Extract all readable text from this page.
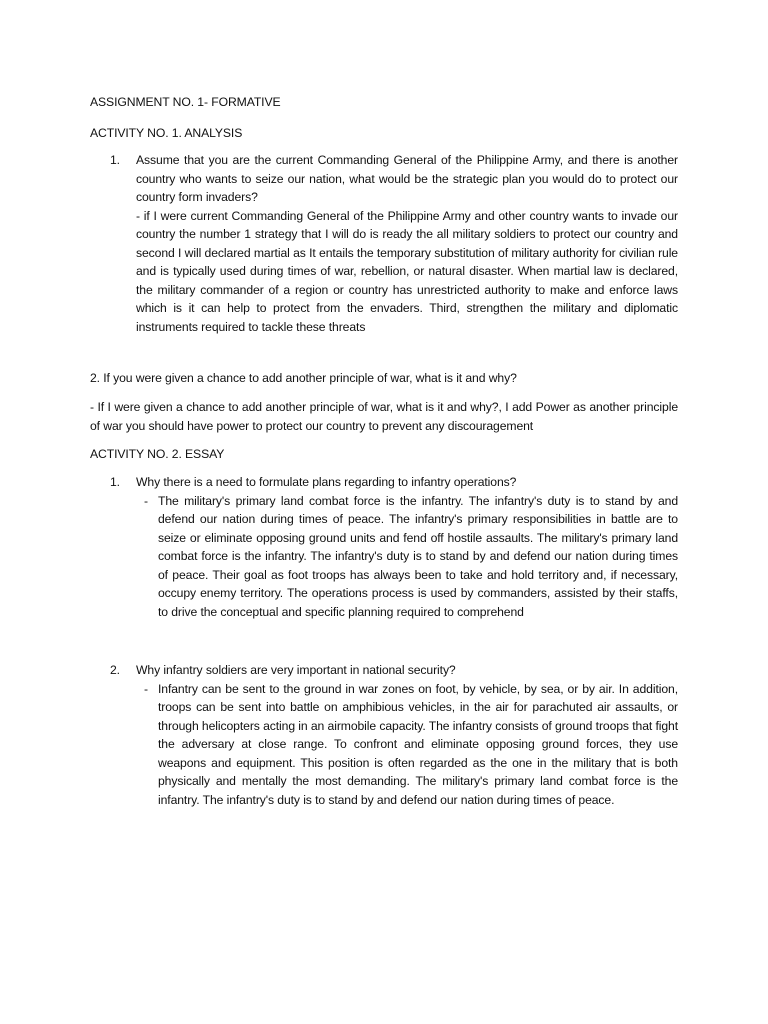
ASSIGNMENT NO. 1- FORMATIVE
ACTIVITY NO. 1. ANALYSIS
1. Assume that you are the current Commanding General of the Philippine Army, and there is another country who wants to seize our nation, what would be the strategic plan you would do to protect our country form invaders?

- if I were current Commanding General of the Philippine Army and other country wants to invade our country the number 1 strategy that I will do is ready the all military soldiers to protect our country and second I will declared martial as It entails the temporary substitution of military authority for civilian rule and is typically used during times of war, rebellion, or natural disaster. When martial law is declared, the military commander of a region or country has unrestricted authority to make and enforce laws which is it can help to protect from the envaders. Third, strengthen the military and diplomatic instruments required to tackle these threats

2. If you were given a chance to add another principle of war, what is it and why?
- If I were given a chance to add another principle of war, what is it and why?, I add Power as another principle of war you should have power to protect our country to prevent any discouragement
ACTIVITY NO. 2. ESSAY
1. Why there is a need to formulate plans regarding to infantry operations?

- The military's primary land combat force is the infantry. The infantry's duty is to stand by and defend our nation during times of peace. The infantry's primary responsibilities in battle are to seize or eliminate opposing ground units and fend off hostile assaults. The military's primary land combat force is the infantry. The infantry's duty is to stand by and defend our nation during times of peace. Their goal as foot troops has always been to take and hold territory and, if necessary, occupy enemy territory. The operations process is used by commanders, assisted by their staffs, to drive the conceptual and specific planning required to comprehend

2. Why infantry soldiers are very important in national security?

- Infantry can be sent to the ground in war zones on foot, by vehicle, by sea, or by air. In addition, troops can be sent into battle on amphibious vehicles, in the air for parachuted air assaults, or through helicopters acting in an airmobile capacity. The infantry consists of ground troops that fight the adversary at close range. To confront and eliminate opposing ground forces, they use weapons and equipment. This position is often regarded as the one in the military that is both physically and mentally the most demanding. The military's primary land combat force is the infantry. The infantry's duty is to stand by and defend our nation during times of peace.
